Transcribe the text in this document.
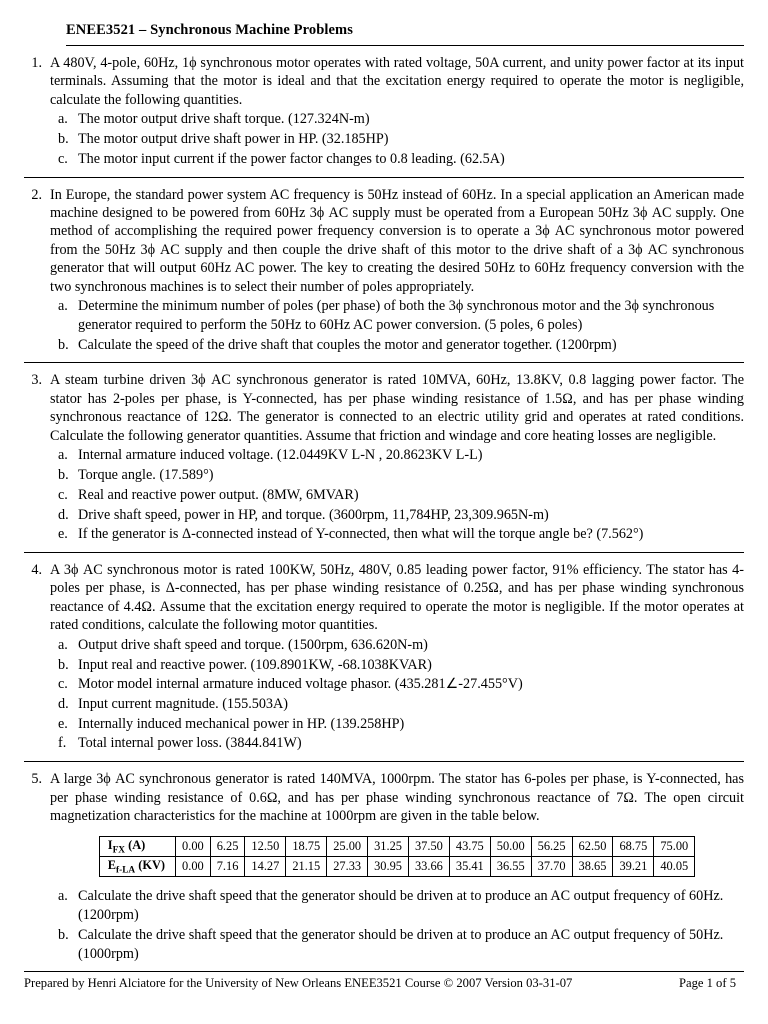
ENEE3521 – Synchronous Machine Problems
1. A 480V, 4-pole, 60Hz, 1ϕ synchronous motor operates with rated voltage, 50A current, and unity power factor at its input terminals. Assuming that the motor is ideal and that the excitation energy required to operate the motor is negligible, calculate the following quantities.

a. The motor output drive shaft torque. (127.324N-m)
b. The motor output drive shaft power in HP. (32.185HP)
c. The motor input current if the power factor changes to 0.8 leading. (62.5A)
2. In Europe, the standard power system AC frequency is 50Hz instead of 60Hz. In a special application an American made machine designed to be powered from 60Hz 3ϕ AC supply must be operated from a European 50Hz 3ϕ AC supply. One method of accomplishing the required power frequency conversion is to operate a 3ϕ AC synchronous motor powered from the 50Hz 3ϕ AC supply and then couple the drive shaft of this motor to the drive shaft of a 3ϕ AC synchronous generator that will output 60Hz AC power. The key to creating the desired 50Hz to 60Hz frequency conversion with the two synchronous machines is to select their number of poles appropriately.

a. Determine the minimum number of poles (per phase) of both the 3ϕ synchronous motor and the 3ϕ synchronous generator required to perform the 50Hz to 60Hz AC power conversion. (5 poles, 6 poles)
b. Calculate the speed of the drive shaft that couples the motor and generator together. (1200rpm)
3. A steam turbine driven 3ϕ AC synchronous generator is rated 10MVA, 60Hz, 13.8KV, 0.8 lagging power factor. The stator has 2-poles per phase, is Y-connected, has per phase winding resistance of 1.5Ω, and has per phase winding synchronous reactance of 12Ω. The generator is connected to an electric utility grid and operates at rated conditions. Calculate the following generator quantities. Assume that friction and windage and core heating losses are negligible.

a. Internal armature induced voltage. (12.0449KV L-N , 20.8623KV L-L)
b. Torque angle. (17.589°)
c. Real and reactive power output. (8MW, 6MVAR)
d. Drive shaft speed, power in HP, and torque. (3600rpm, 11,784HP, 23,309.965N-m)
e. If the generator is Δ-connected instead of Y-connected, then what will the torque angle be? (7.562°)
4. A 3ϕ AC synchronous motor is rated 100KW, 50Hz, 480V, 0.85 leading power factor, 91% efficiency. The stator has 4-poles per phase, is Δ-connected, has per phase winding resistance of 0.25Ω, and has per phase winding synchronous reactance of 4.4Ω. Assume that the excitation energy required to operate the motor is negligible. If the motor operates at rated conditions, calculate the following motor quantities.

a. Output drive shaft speed and torque. (1500rpm, 636.620N-m)
b. Input real and reactive power. (109.8901KW, -68.1038KVAR)
c. Motor model internal armature induced voltage phasor. (435.281∠-27.455°V)
d. Input current magnitude. (155.503A)
e. Internally induced mechanical power in HP. (139.258HP)
f. Total internal power loss. (3844.841W)
5. A large 3ϕ AC synchronous generator is rated 140MVA, 1000rpm. The stator has 6-poles per phase, is Y-connected, has per phase winding resistance of 0.6Ω, and has per phase winding synchronous reactance of 7Ω. The open circuit magnetization characteristics for the machine at 1000rpm are given in the table below.

$I_{FX}$ (A)	0.00	6.25	12.50	18.75	25.00	31.25	37.50	43.75	50.00	56.25	62.50	68.75	75.00
$E_{f-LA}$ (KV)	0.00	7.16	14.27	21.15	27.33	30.95	33.66	35.41	36.55	37.70	38.65	39.21	40.05
a. Calculate the drive shaft speed that the generator should be driven at to produce an AC output frequency of 60Hz. (1200rpm)
b. Calculate the drive shaft speed that the generator should be driven at to produce an AC output frequency of 50Hz. (1000rpm)
Prepared by Henri Alciatore for the University of New Orleans ENEE3521 Course © 2007 Version 03-31-07	Page 1 of 5
